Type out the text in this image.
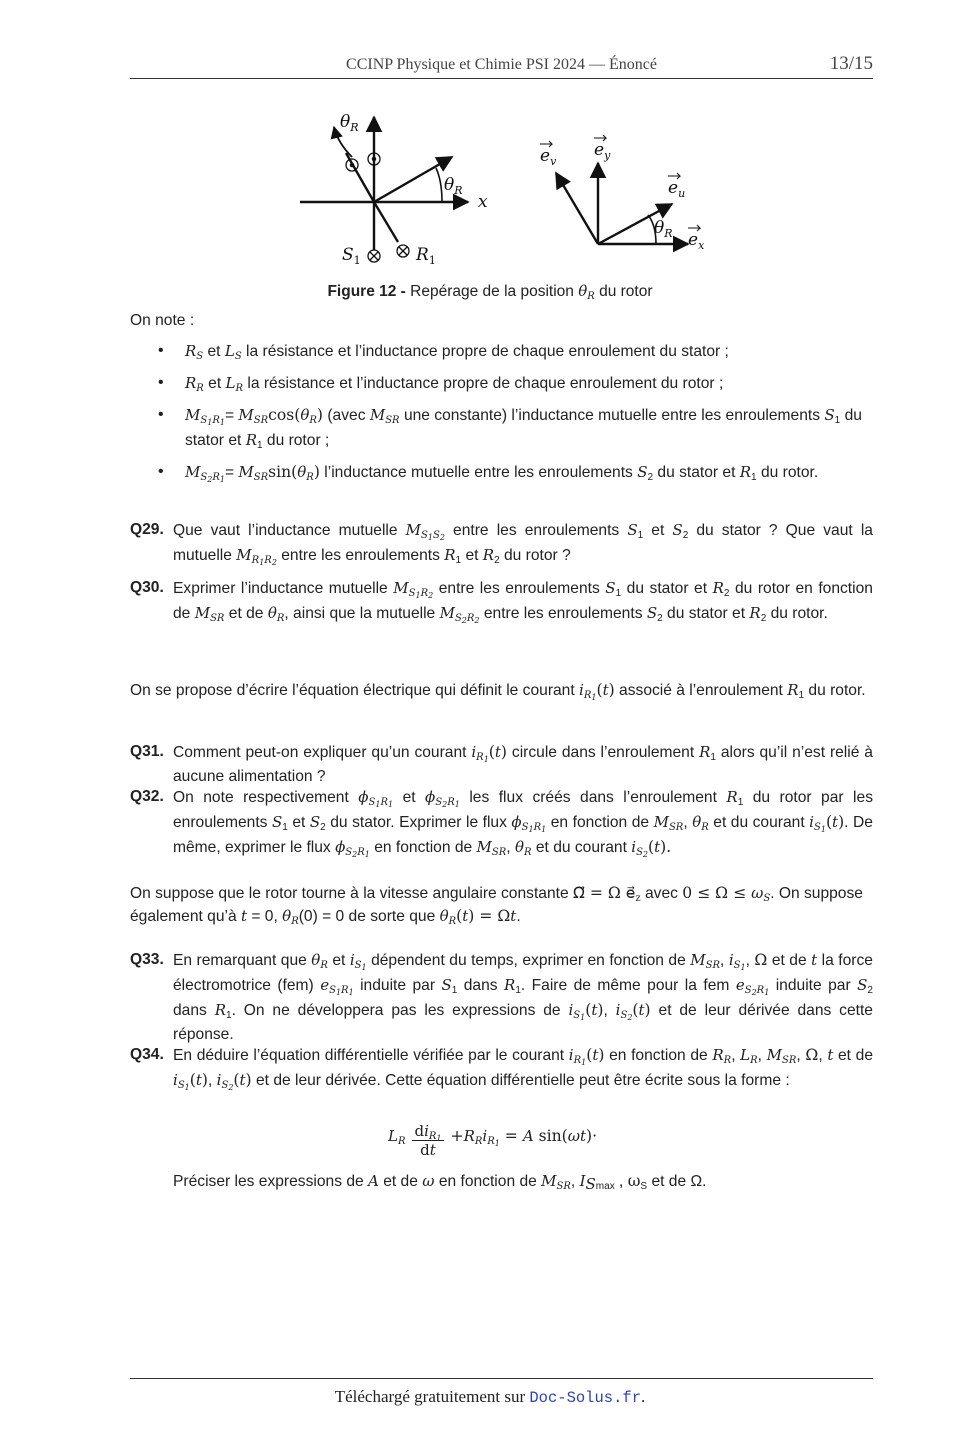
CCINP Physique et Chimie PSI 2024 — Énoncé	13/15
$\theta_R$
$\theta_R$
x
$S_1$	$R_1$
$\theta_R$
$e_v$
$e_y$
$e_u$
$e_x$
Figure 12 - Repérage de la position $\theta_R$ du rotor
On note :
• $R_S$ et $L_S$ la résistance et l’inductance propre de chaque enroulement du stator ;
• $R_R$ et $L_R$ la résistance et l’inductance propre de chaque enroulement du rotor ;
• $M_{S_1R_1}= M_{SR}\cos(\theta_R)$ (avec $M_{SR}$ une constante) l’inductance mutuelle entre les enroulements $S_1$ du stator et $R_1$ du rotor ;
• $M_{S_2R_1}= M_{SR}\sin(\theta_R)$ l’inductance mutuelle entre les enroulements $S_2$ du stator et $R_1$ du rotor.
Q29. Que vaut l’inductance mutuelle $M_{S_1S_2}$ entre les enroulements $S_1$ et $S_2$ du stator ? Que vaut la mutuelle $M_{R_1R_2}$ entre les enroulements $R_1$ et $R_2$ du rotor ?
Q30. Exprimer l’inductance mutuelle $M_{S_1R_2}$ entre les enroulements $S_1$ du stator et $R_2$ du rotor en fonction de $M_{SR}$ et de $\theta_R$, ainsi que la mutuelle $M_{S_2R_2}$ entre les enroulements $S_2$ du stator et $R_2$ du rotor.
On se propose d’écrire l’équation électrique qui définit le courant $i_{R_1}(t)$ associé à l’enroulement $R_1$ du rotor.
Q31. Comment peut-on expliquer qu’un courant $i_{R_1}(t)$ circule dans l’enroulement $R_1$ alors qu’il n’est relié à aucune alimentation ?
Q32. On note respectivement $\phi_{S_1R_1}$ et $\phi_{S_2R_1}$ les flux créés dans l’enroulement $R_1$ du rotor par les enroulements $S_1$ et $S_2$ du stator. Exprimer le flux $\phi_{S_1R_1}$ en fonction de $M_{SR}$, $\theta_R$ et du courant $i_{S_1}(t)$. De même, exprimer le flux $\phi_{S_2R_1}$ en fonction de $M_{SR}$, $\theta_R$ et du courant $i_{S_2}(t)$.
On suppose que le rotor tourne à la vitesse angulaire constante Ω⃗ = Ω $e⃗_z$ avec $0 \le \Omega \le \omega_S$. On suppose également qu’à t = 0, $\theta_R(0) = 0$ de sorte que $\theta_R(t) = \Omega t$.
Q33. En remarquant que $\theta_R$ et $i_{S_1}$ dépendent du temps, exprimer en fonction de $M_{SR}$, $i_{S_1}$, Ω et de t la force électromotrice (fem) $e_{S_1R_1}$ induite par $S_1$ dans $R_1$. Faire de même pour la fem $e_{S_2R_1}$ induite par $S_2$ dans $R_1$. On ne développera pas les expressions de $i_{S_1}(t)$, $i_{S_2}(t)$ et de leur dérivée dans cette réponse.
Q34. En déduire l’équation différentielle vérifiée par le courant $i_{R_1}(t)$ en fonction de $R_R$, $L_R$, $M_{SR}$, Ω, t et de $i_{S_1}(t)$, $i_{S_2}(t)$ et de leur dérivée. Cette équation différentielle peut être écrite sous la forme :
$L_R$
$di_{R_1}$
dt
$+R_Ri_{R_1} = A$ sin(ωt)·
Préciser les expressions de A et de ω en fonction de $M_{SR}$, $I_{Smax}$ , $\omega_S$ et de Ω.
Téléchargé gratuitement sur Doc-Solus.fr.
